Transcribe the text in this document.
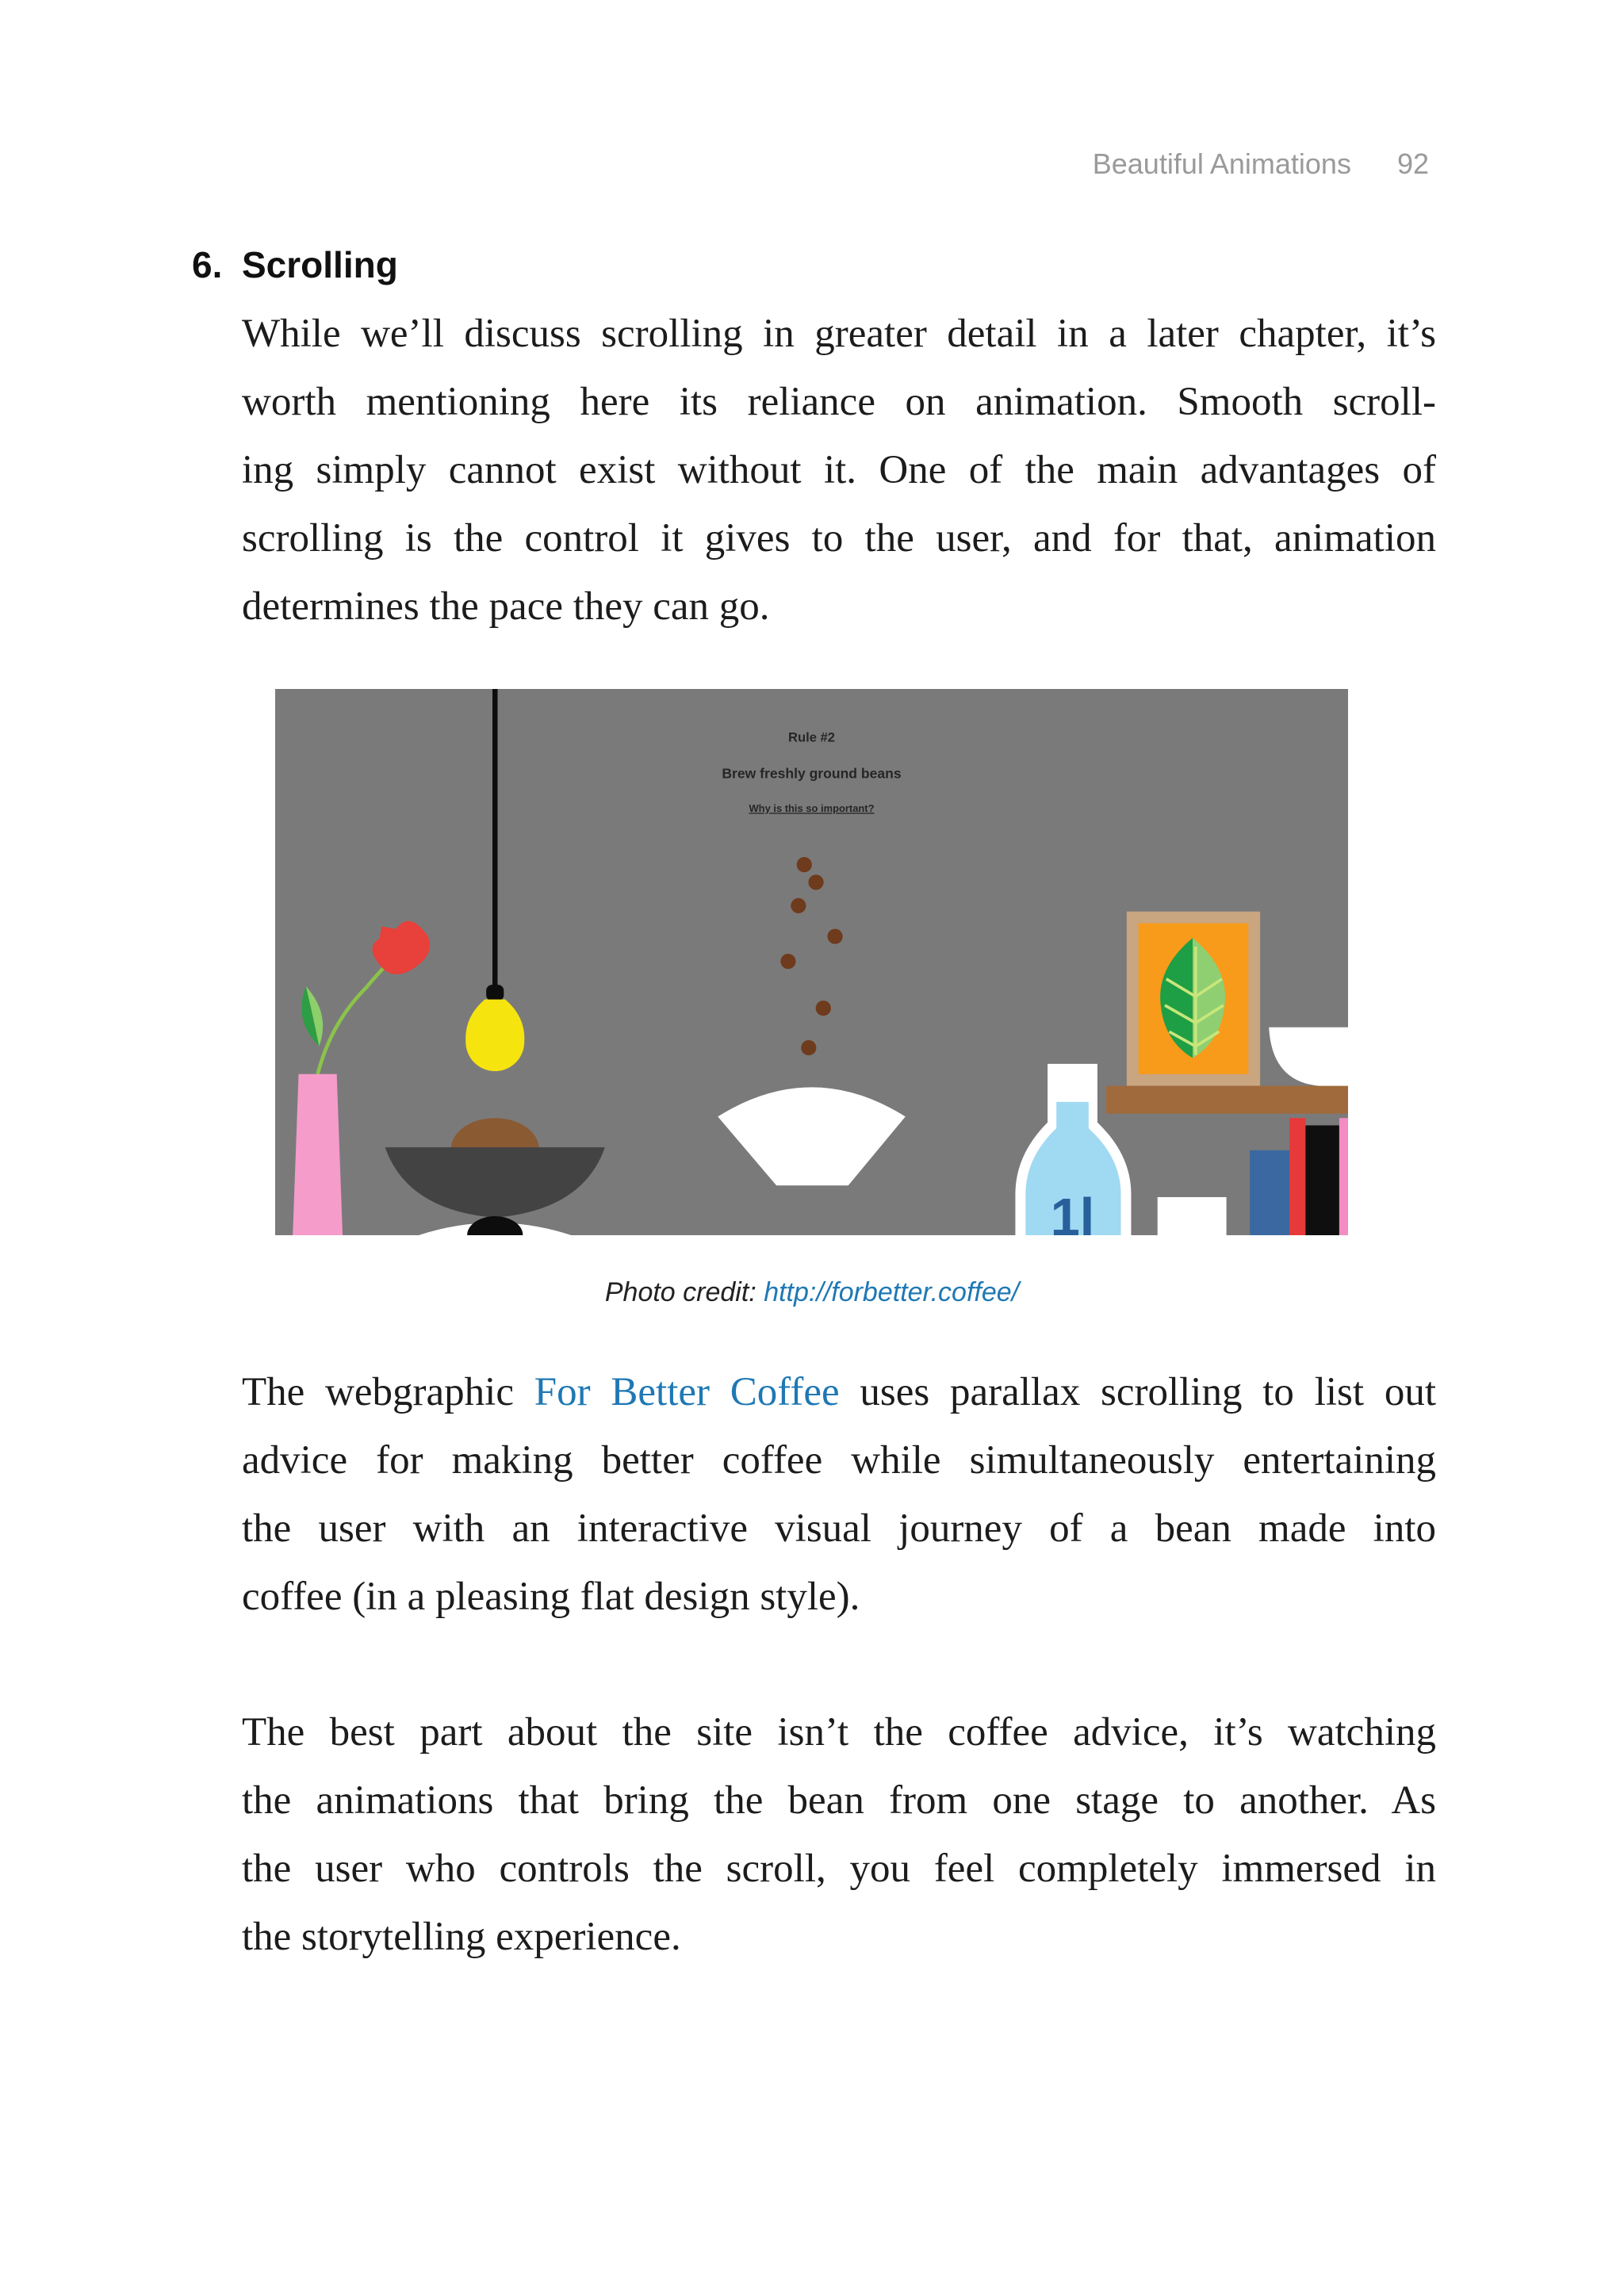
Beautiful Animations 92
6. Scrolling
While we’ll discuss scrolling in greater detail in a later chapter, it’s
worth mentioning here its reliance on animation. Smooth scroll-
ing simply cannot exist without it. One of the main advantages of
scrolling is the control it gives to the user, and for that, animation
determines the pace they can go.
Rule #2
Brew freshly ground beans
Why is this so important?
1l
Photo credit: http://forbetter.coffee/
The webgraphic For Better Coffee uses parallax scrolling to list out
advice for making better coffee while simultaneously entertaining
the user with an interactive visual journey of a bean made into
coffee (in a pleasing flat design style).
The best part about the site isn’t the coffee advice, it’s watching
the animations that bring the bean from one stage to another. As
the user who controls the scroll, you feel completely immersed in
the storytelling experience.
